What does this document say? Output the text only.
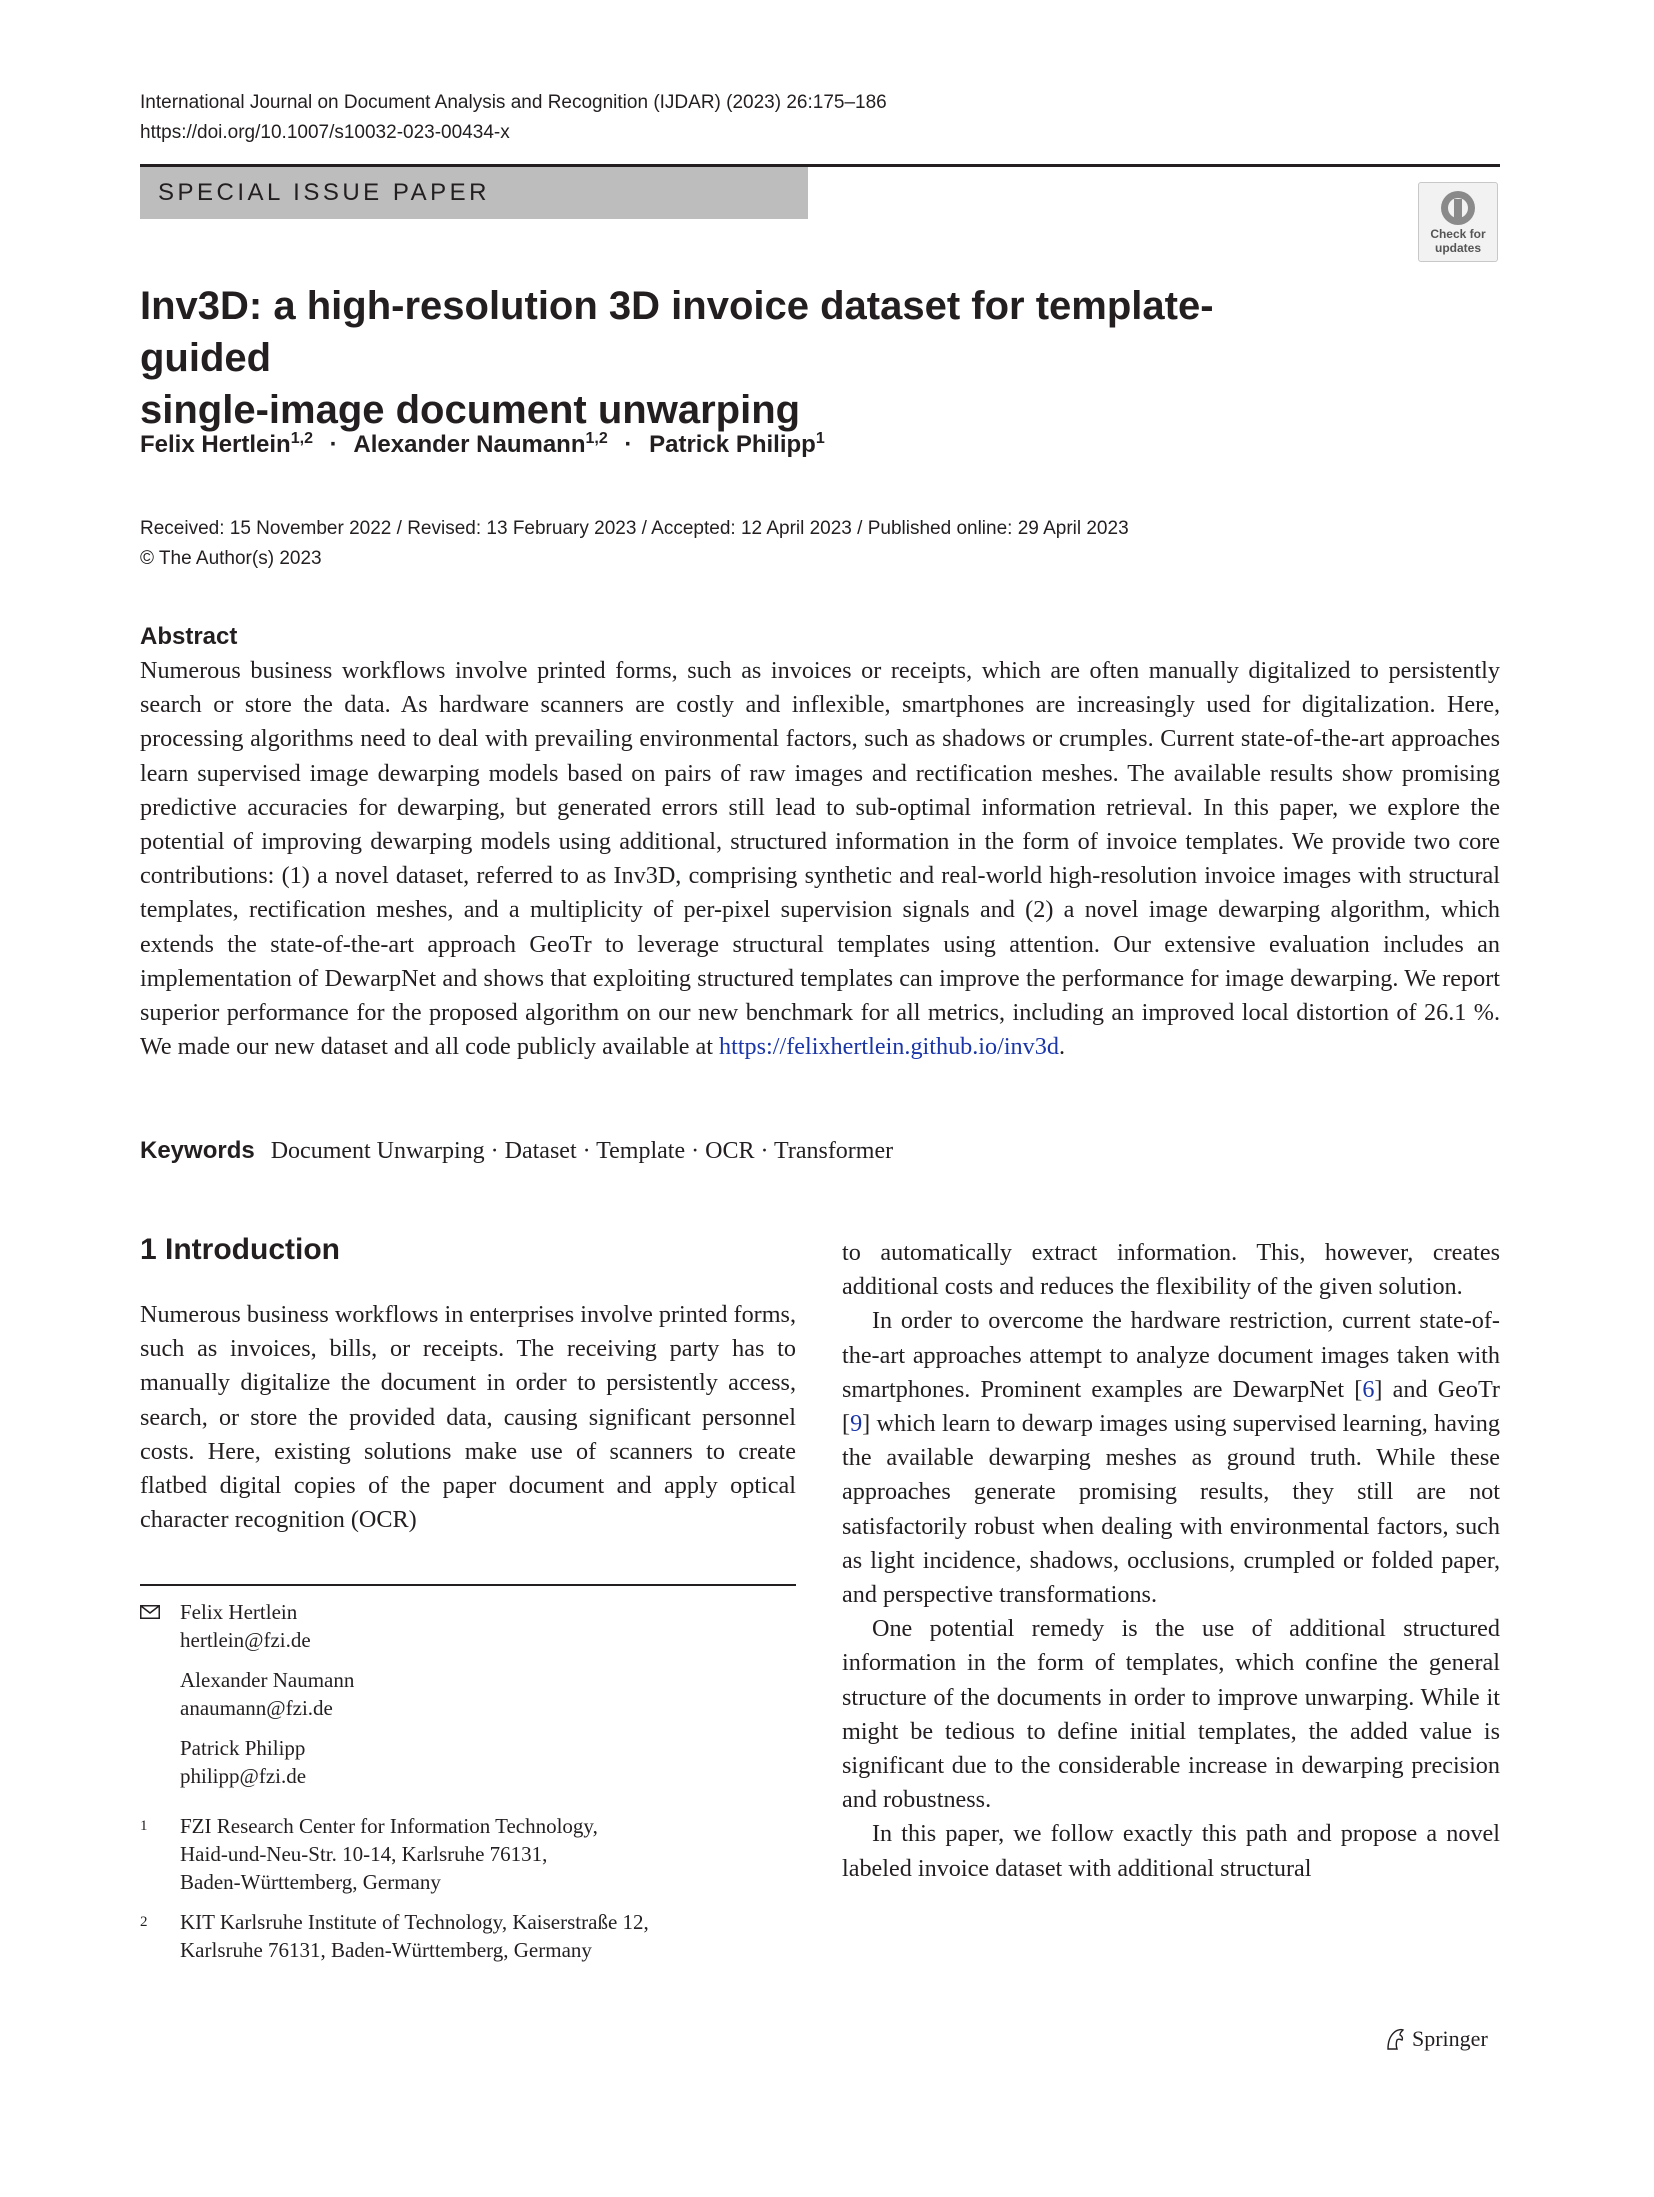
International Journal on Document Analysis and Recognition (IJDAR) (2023) 26:175–186
https://doi.org/10.1007/s10032-023-00434-x
SPECIAL ISSUE PAPER
Check for
updates
Inv3D: a high-resolution 3D invoice dataset for template-guided
single-image document unwarping
Felix Hertlein$^{1,2}$ · Alexander Naumann$^{1,2}$ · Patrick Philipp$^1$
Received: 15 November 2022 / Revised: 13 February 2023 / Accepted: 12 April 2023 / Published online: 29 April 2023
© The Author(s) 2023
Abstract

Numerous business workflows involve printed forms, such as invoices or receipts, which are often manually digitalized to persistently search or store the data. As hardware scanners are costly and inflexible, smartphones are increasingly used for digitalization. Here, processing algorithms need to deal with prevailing environmental factors, such as shadows or crumples. Current state-of-the-art approaches learn supervised image dewarping models based on pairs of raw images and rectification meshes. The available results show promising predictive accuracies for dewarping, but generated errors still lead to sub-optimal information retrieval. In this paper, we explore the potential of improving dewarping models using additional, structured information in the form of invoice templates. We provide two core contributions: (1) a novel dataset, referred to as Inv3D, comprising synthetic and real-world high-resolution invoice images with structural templates, rectification meshes, and a multiplicity of per-pixel supervision signals and (2) a novel image dewarping algorithm, which extends the state-of-the-art approach GeoTr to leverage structural templates using attention. Our extensive evaluation includes an implementation of DewarpNet and shows that exploiting structured templates can improve the performance for image dewarping. We report superior performance for the proposed algorithm on our new benchmark for all metrics, including an improved local distortion of 26.1 %. We made our new dataset and all code publicly available at https://felixhertlein.github.io/inv3d.

Keywords Document Unwarping · Dataset · Template · OCR · Transformer
1 Introduction

Numerous business workflows in enterprises involve printed forms, such as invoices, bills, or receipts. The receiving party has to manually digitalize the document in order to persistently access, search, or store the provided data, causing significant personnel costs. Here, existing solutions make use of scanners to create flatbed digital copies of the paper document and apply optical character recognition (OCR)

Felix Hertlein
hertlein@fzi.de
Alexander Naumann
anaumann@fzi.de
Patrick Philipp
philipp@fzi.de
1	FZI Research Center for Information Technology,
Haid-und-Neu-Str. 10-14, Karlsruhe 76131,
Baden-Württemberg, Germany
2	KIT Karlsruhe Institute of Technology, Kaiserstraße 12,
Karlsruhe 76131, Baden-Württemberg, Germany

to automatically extract information. This, however, creates additional costs and reduces the flexibility of the given solution.

In order to overcome the hardware restriction, current state-of-the-art approaches attempt to analyze document images taken with smartphones. Prominent examples are DewarpNet [6] and GeoTr [9] which learn to dewarp images using supervised learning, having the available dewarping meshes as ground truth. While these approaches generate promising results, they still are not satisfactorily robust when dealing with environmental factors, such as light incidence, shadows, occlusions, crumpled or folded paper, and perspective transformations.

One potential remedy is the use of additional structured information in the form of templates, which confine the general structure of the documents in order to improve unwarping. While it might be tedious to define initial templates, the added value is significant due to the considerable increase in dewarping precision and robustness.

In this paper, we follow exactly this path and propose a novel labeled invoice dataset with additional structural

Springer
